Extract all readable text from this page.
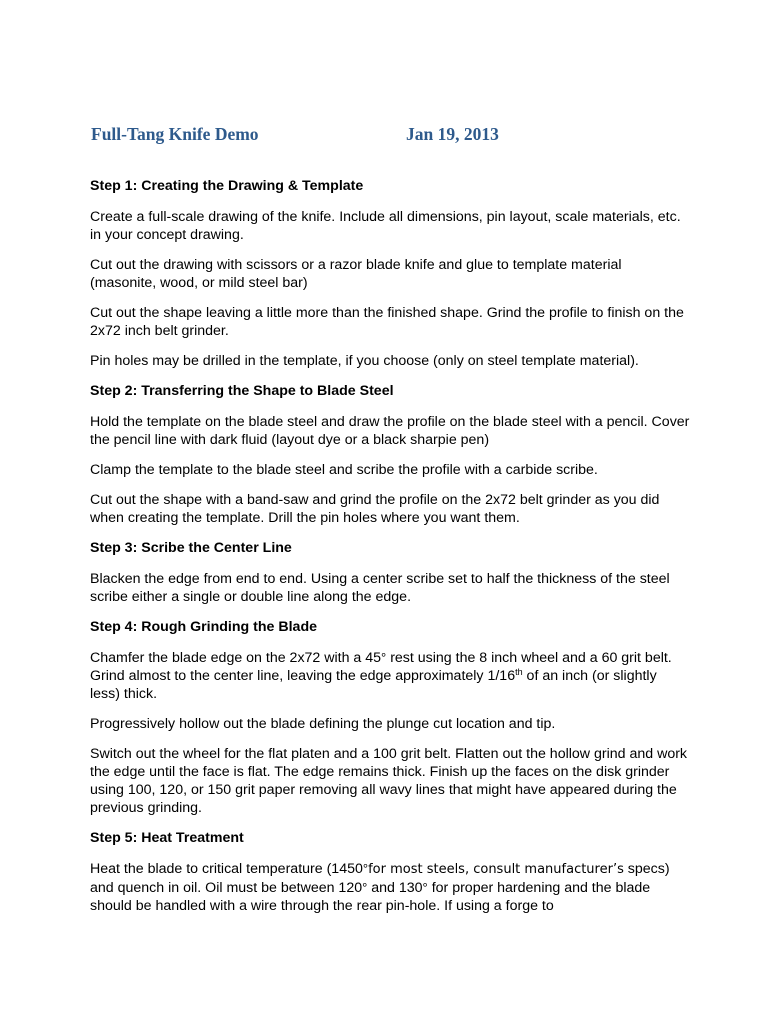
Full-Tang Knife Demo	Jan 19, 2013
Step 1: Creating the Drawing & Template

Create a full-scale drawing of the knife. Include all dimensions, pin layout, scale materials, etc. in your concept drawing.

Cut out the drawing with scissors or a razor blade knife and glue to template material (masonite, wood, or mild steel bar)

Cut out the shape leaving a little more than the finished shape. Grind the profile to finish on the 2x72 inch belt grinder.

Pin holes may be drilled in the template, if you choose (only on steel template material).

Step 2: Transferring the Shape to Blade Steel

Hold the template on the blade steel and draw the profile on the blade steel with a pencil. Cover the pencil line with dark fluid (layout dye or a black sharpie pen)

Clamp the template to the blade steel and scribe the profile with a carbide scribe.

Cut out the shape with a band-saw and grind the profile on the 2x72 belt grinder as you did when creating the template. Drill the pin holes where you want them.

Step 3: Scribe the Center Line

Blacken the edge from end to end. Using a center scribe set to half the thickness of the steel scribe either a single or double line along the edge.

Step 4: Rough Grinding the Blade

Chamfer the blade edge on the 2x72 with a 45° rest using the 8 inch wheel and a 60 grit belt. Grind almost to the center line, leaving the edge approximately 1/16th of an inch (or slightly less) thick.

Progressively hollow out the blade defining the plunge cut location and tip.

Switch out the wheel for the flat platen and a 100 grit belt. Flatten out the hollow grind and work the edge until the face is flat. The edge remains thick. Finish up the faces on the disk grinder using 100, 120, or 150 grit paper removing all wavy lines that might have appeared during the previous grinding.

Step 5: Heat Treatment

Heat the blade to critical temperature (1450°for most steels, consult manufacturer’s specs) and quench in oil. Oil must be between 120° and 130° for proper hardening and the blade should be handled with a wire through the rear pin-hole. If using a forge to
